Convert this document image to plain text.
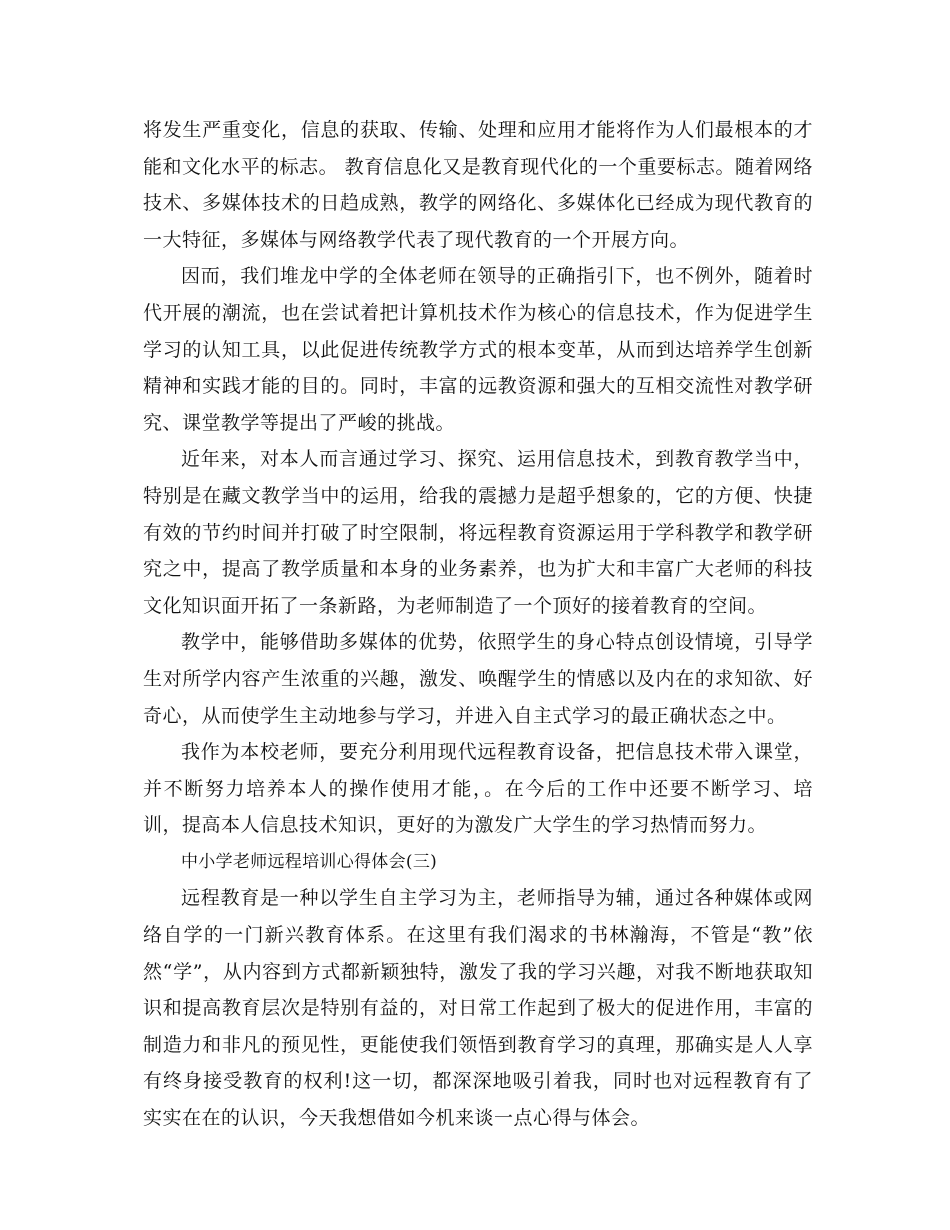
将发生严重变化，信息的获取、传输、处理和应用才能将作为人们最根本的才能和文化水平的标志。 教育信息化又是教育现代化的一个重要标志。随着网络技术、多媒体技术的日趋成熟，教学的网络化、多媒体化已经成为现代教育的一大特征，多媒体与网络教学代表了现代教育的一个开展方向。

因而，我们堆龙中学的全体老师在领导的正确指引下，也不例外，随着时代开展的潮流，也在尝试着把计算机技术作为核心的信息技术，作为促进学生学习的认知工具，以此促进传统教学方式的根本变革，从而到达培养学生创新精神和实践才能的目的。同时，丰富的远教资源和强大的互相交流性对教学研究、课堂教学等提出了严峻的挑战。

近年来，对本人而言通过学习、探究、运用信息技术，到教育教学当中，特别是在藏文教学当中的运用，给我的震撼力是超乎想象的，它的方便、快捷有效的节约时间并打破了时空限制，将远程教育资源运用于学科教学和教学研究之中，提高了教学质量和本身的业务素养，也为扩大和丰富广大老师的科技文化知识面开拓了一条新路，为老师制造了一个顶好的接着教育的空间。

教学中，能够借助多媒体的优势，依照学生的身心特点创设情境，引导学生对所学内容产生浓重的兴趣，激发、唤醒学生的情感以及内在的求知欲、好奇心，从而使学生主动地参与学习，并进入自主式学习的最正确状态之中。

我作为本校老师，要充分利用现代远程教育设备，把信息技术带入课堂，并不断努力培养本人的操作使用才能，。在今后的工作中还要不断学习、培训，提高本人信息技术知识，更好的为激发广大学生的学习热情而努力。

中小学老师远程培训心得体会(三)

远程教育是一种以学生自主学习为主，老师指导为辅，通过各种媒体或网络自学的一门新兴教育体系。在这里有我们渴求的书林瀚海，不管是“教”依然“学”，从内容到方式都新颖独特，激发了我的学习兴趣，对我不断地获取知识和提高教育层次是特别有益的，对日常工作起到了极大的促进作用，丰富的制造力和非凡的预见性，更能使我们领悟到教育学习的真理，那确实是人人享有终身接受教育的权利!这一切，都深深地吸引着我，同时也对远程教育有了实实在在的认识，今天我想借如今机来谈一点心得与体会。
